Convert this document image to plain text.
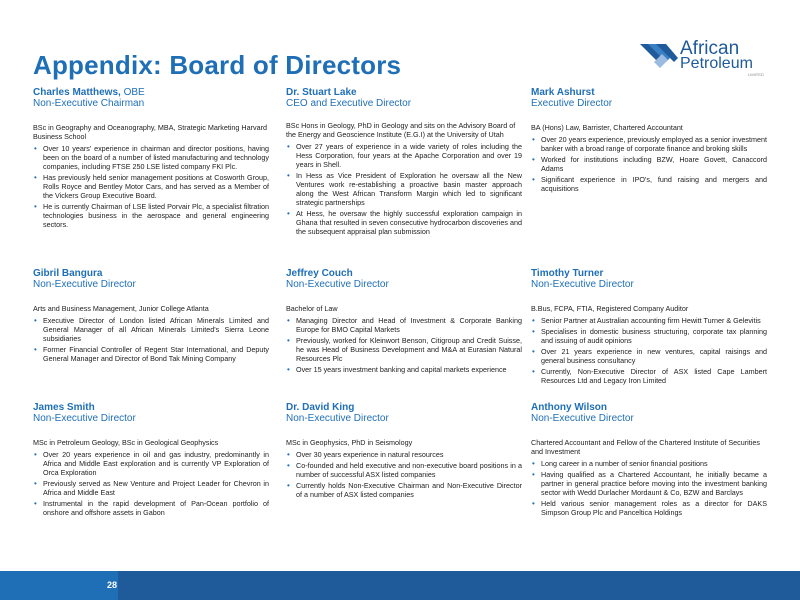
Appendix: Board of Directors
African
Petroleum
LIMITED
Charles Matthews, OBE
Non-Executive Chairman
BSc in Geography and Oceanography, MBA, Strategic Marketing Harvard Business School
• Over 10 years' experience in chairman and director positions, having been on the board of a number of listed manufacturing and technology companies, including FTSE 250 LSE listed company FKI Plc.
• Has previously held senior management positions at Cosworth Group, Rolls Royce and Bentley Motor Cars, and has served as a Member of the Vickers Group Executive Board.
• He is currently Chairman of LSE listed Porvair Plc, a specialist filtration technologies business in the aerospace and general engineering sectors.
Dr. Stuart Lake
CEO and Executive Director
BSc Hons in Geology, PhD in Geology and sits on the Advisory Board of the Energy and Geoscience Institute (E.G.I) at the University of Utah
• Over 27 years of experience in a wide variety of roles including the Hess Corporation, four years at the Apache Corporation and over 19 years in Shell.
• In Hess as Vice President of Exploration he oversaw all the New Ventures work re-establishing a proactive basin master approach along the West African Transform Margin which led to significant strategic partnerships
• At Hess, he oversaw the highly successful exploration campaign in Ghana that resulted in seven consecutive hydrocarbon discoveries and the subsequent appraisal plan submission
Mark Ashurst
Executive Director
BA (Hons) Law, Barrister, Chartered Accountant
• Over 20 years experience, previously employed as a senior investment banker with a broad range of corporate finance and broking skills
• Worked for institutions including BZW, Hoare Govett, Canaccord Adams
• Significant experience in IPO's, fund raising and mergers and acquisitions
Gibril Bangura
Non-Executive Director
Arts and Business Management, Junior College Atlanta
• Executive Director of London listed African Minerals Limited and General Manager of all African Minerals Limited's Sierra Leone subsidiaries
• Former Financial Controller of Regent Star International, and Deputy General Manager and Director of Bond Tak Mining Company
Jeffrey Couch
Non-Executive Director
Bachelor of Law
• Managing Director and Head of Investment & Corporate Banking Europe for BMO Capital Markets
• Previously, worked for Kleinwort Benson, Citigroup and Credit Suisse, he was Head of Business Development and M&A at Eurasian Natural Resources Plc
• Over 15 years investment banking and capital markets experience
Timothy Turner
Non-Executive Director
B.Bus, FCPA, FTIA, Registered Company Auditor
• Senior Partner at Australian accounting firm Hewitt Turner & Gelevitis
• Specialises in domestic business structuring, corporate tax planning and issuing of audit opinions
• Over 21 years experience in new ventures, capital raisings and general business consultancy
• Currently, Non-Executive Director of ASX listed Cape Lambert Resources Ltd and Legacy Iron Limited
James Smith
Non-Executive Director
MSc in Petroleum Geology, BSc in Geological Geophysics
• Over 20 years experience in oil and gas industry, predominantly in Africa and Middle East exploration and is currently VP Exploration of Orca Exploration
• Previously served as New Venture and Project Leader for Chevron in Africa and Middle East
• Instrumental in the rapid development of Pan-Ocean portfolio of onshore and offshore assets in Gabon
Dr. David King
Non-Executive Director
MSc in Geophysics, PhD in Seismology
• Over 30 years experience in natural resources
• Co-founded and held executive and non-executive board positions in a number of successful ASX listed companies
• Currently holds Non-Executive Chairman and Non-Executive Director of a number of ASX listed companies
Anthony Wilson
Non-Executive Director
Chartered Accountant and Fellow of the Chartered Institute of Securities and Investment
• Long career in a number of senior financial positions
• Having qualified as a Chartered Accountant, he initially became a partner in general practice before moving into the investment banking sector with Wedd Durlacher Mordaunt & Co, BZW and Barclays
• Held various senior management roles as a director for DAKS Simpson Group Plc and Panceltica Holdings
28
